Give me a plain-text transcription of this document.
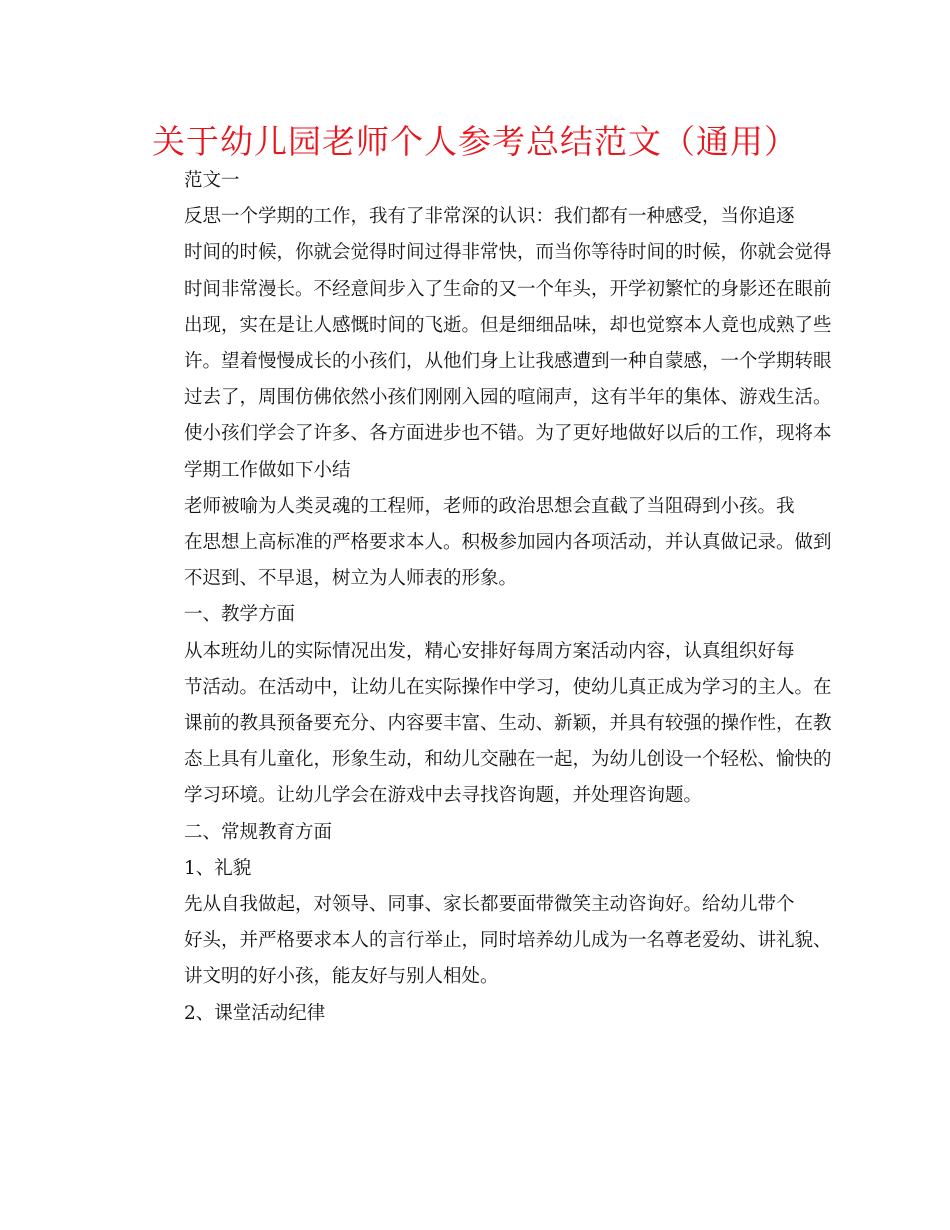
关于幼儿园老师个人参考总结范文（通用）
范文一
反思一个学期的工作，我有了非常深的认识：我们都有一种感受，当你追逐
时间的时候，你就会觉得时间过得非常快，而当你等待时间的时候，你就会觉得
时间非常漫长。不经意间步入了生命的又一个年头，开学初繁忙的身影还在眼前
出现，实在是让人感慨时间的飞逝。但是细细品味，却也觉察本人竟也成熟了些
许。望着慢慢成长的小孩们，从他们身上让我感遭到一种自蒙感，一个学期转眼
过去了，周围仿佛依然小孩们刚刚入园的喧闹声，这有半年的集体、游戏生活。
使小孩们学会了许多、各方面进步也不错。为了更好地做好以后的工作，现将本
学期工作做如下小结
老师被喻为人类灵魂的工程师，老师的政治思想会直截了当阻碍到小孩。我
在思想上高标准的严格要求本人。积极参加园内各项活动，并认真做记录。做到
不迟到、不早退，树立为人师表的形象。
一、教学方面
从本班幼儿的实际情况出发，精心安排好每周方案活动内容，认真组织好每
节活动。在活动中，让幼儿在实际操作中学习，使幼儿真正成为学习的主人。在
课前的教具预备要充分、内容要丰富、生动、新颖，并具有较强的操作性，在教
态上具有儿童化，形象生动，和幼儿交融在一起，为幼儿创设一个轻松、愉快的
学习环境。让幼儿学会在游戏中去寻找咨询题，并处理咨询题。
二、常规教育方面
1、礼貌
先从自我做起，对领导、同事、家长都要面带微笑主动咨询好。给幼儿带个
好头，并严格要求本人的言行举止，同时培养幼儿成为一名尊老爱幼、讲礼貌、
讲文明的好小孩，能友好与别人相处。
2、课堂活动纪律
